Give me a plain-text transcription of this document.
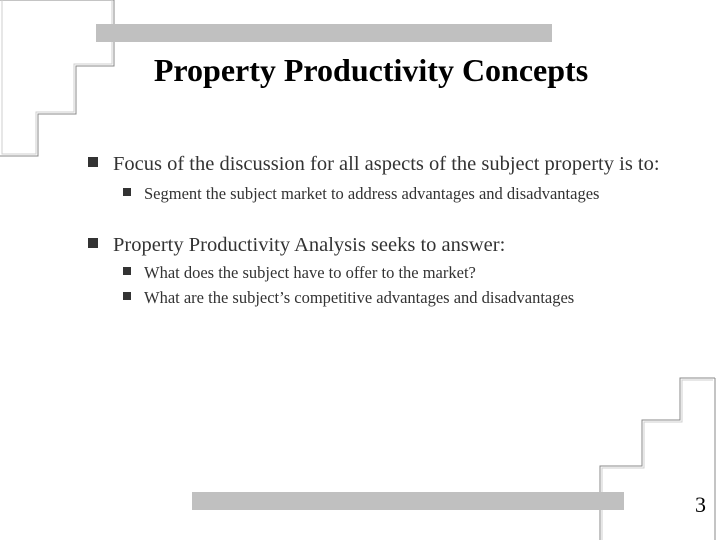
Property Productivity Concepts
Focus of the discussion for all aspects of the subject property is to:
Segment the subject market to address advantages and disadvantages
Property Productivity Analysis seeks to answer:
What does the subject have to offer to the market?
What are the subject’s competitive advantages and disadvantages
3
